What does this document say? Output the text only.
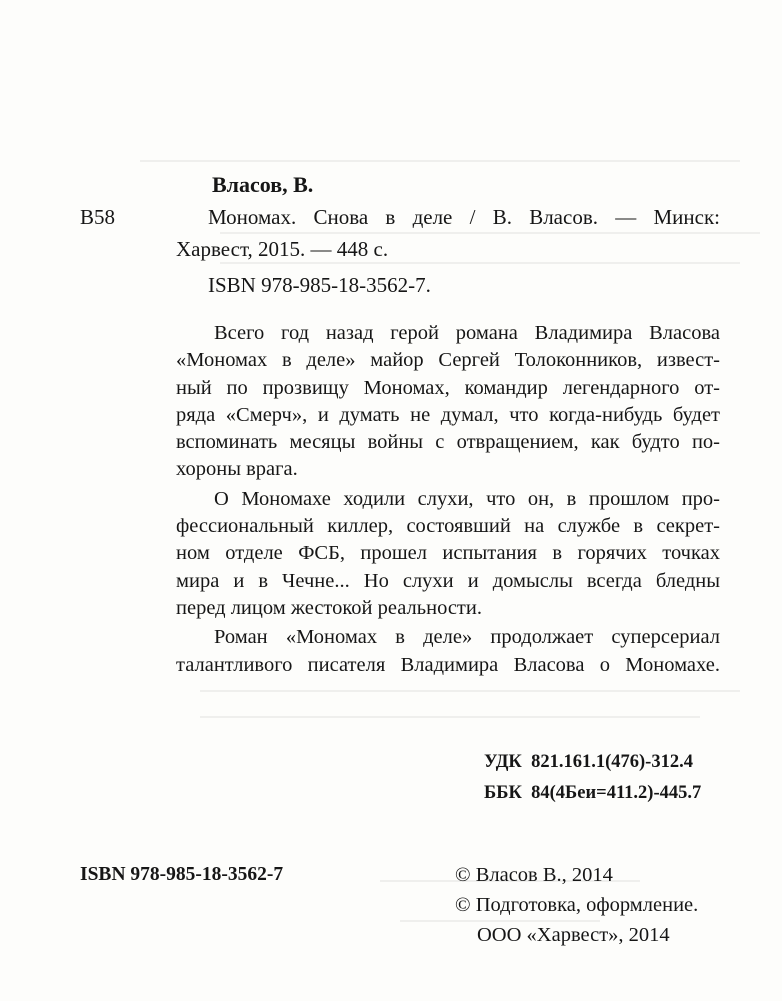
Власов, В.
В58	Мономах. Снова в деле / В. Власов. — Минск:
Харвест, 2015. — 448 с.
ISBN 978-985-18-3562-7.
Всего год назад герой романа Владимира Власова
«Мономах в деле» майор Сергей Толоконников, извест-
ный по прозвищу Мономах, командир легендарного от-
ряда «Смерч», и думать не думал, что когда-нибудь будет
вспоминать месяцы войны с отвращением, как будто по-
хороны врага.
О Мономахе ходили слухи, что он, в прошлом про-
фессиональный киллер, состоявший на службе в секрет-
ном отделе ФСБ, прошел испытания в горячих точках
мира и в Чечне... Но слухи и домыслы всегда бледны
перед лицом жестокой реальности.
Роман «Мономах в деле» продолжает суперсериал
талантливого писателя Владимира Власова о Мономахе.
УДК 821.161.1(476)-312.4
ББК 84(4Беи=411.2)-445.7
ISBN 978-985-18-3562-7	© Власов В., 2014
© Подготовка, оформление.
ООО «Харвест», 2014
